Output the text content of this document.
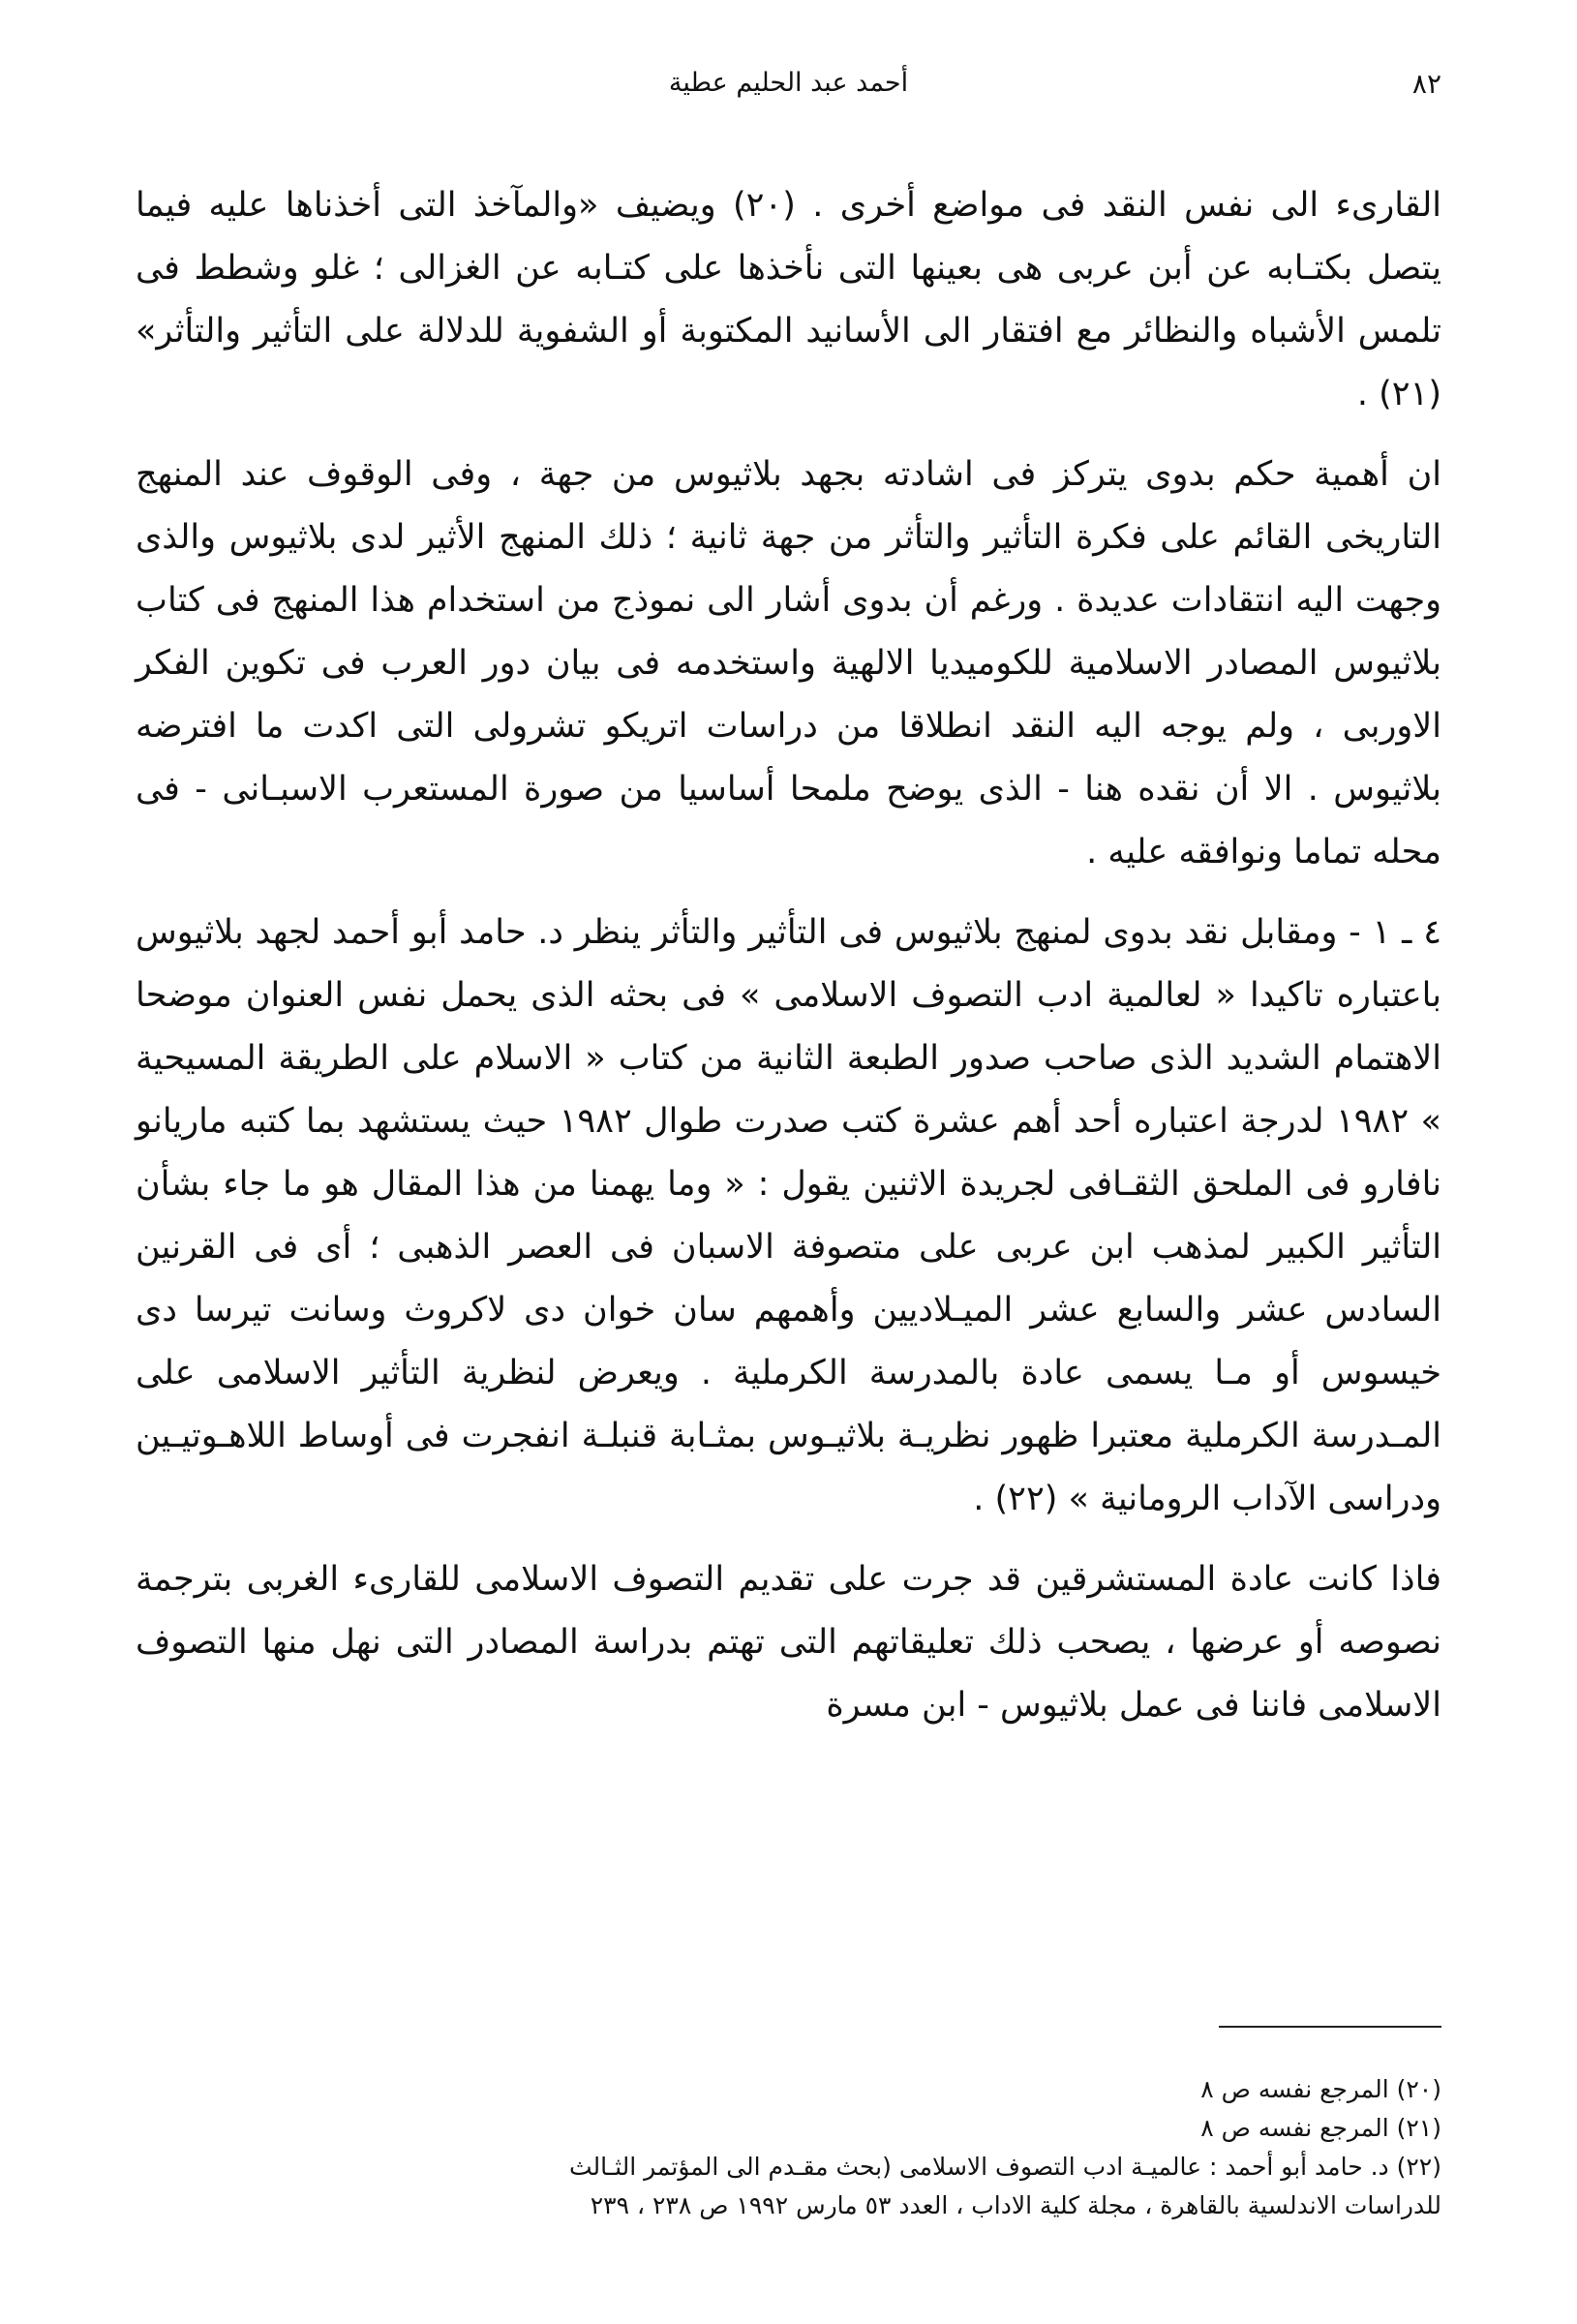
٨٢
أحمد عبد الحليم عطية

القارىء الى نفس النقد فى مواضع أخرى . (٢٠) ويضيف «والمآخذ التى أخذناها عليه فيما يتصل بكتـابه عن أبن عربى هى بعينها التى نأخذها على كتـابه عن الغزالى ؛ غلو وشطط فى تلمس الأشباه والنظائر مع افتقار الى الأسانيد المكتوبة أو الشفوية للدلالة على التأثير والتأثر» (٢١) .

ان أهمية حكم بدوى يتركز فى اشادته بجهد بلاثيوس من جهة ، وفى الوقوف عند المنهج التاريخى القائم على فكرة التأثير والتأثر من جهة ثانية ؛ ذلك المنهج الأثير لدى بلاثيوس والذى وجهت اليه انتقادات عديدة . ورغم أن بدوى أشار الى نموذج من استخدام هذا المنهج فى كتاب بلاثيوس المصادر الاسلامية للكوميديا الالهية واستخدمه فى بيان دور العرب فى تكوين الفكر الاوربى ، ولم يوجه اليه النقد انطلاقا من دراسات اتريكو تشرولى التى اكدت ما افترضه بلاثيوس . الا أن نقده هنا - الذى يوضح ملمحا أساسيا من صورة المستعرب الاسبـانى - فى محله تماما ونوافقه عليه .

٤ ـ ١ - ومقابل نقد بدوى لمنهج بلاثيوس فى التأثير والتأثر ينظر د. حامد أبو أحمد لجهد بلاثيوس باعتباره تاكيدا « لعالمية ادب التصوف الاسلامى » فى بحثه الذى يحمل نفس العنوان موضحا الاهتمام الشديد الذى صاحب صدور الطبعة الثانية من كتاب « الاسلام على الطريقة المسيحية » ١٩٨٢ لدرجة اعتباره أحد أهم عشرة كتب صدرت طوال ١٩٨٢ حيث يستشهد بما كتبه ماريانو نافارو فى الملحق الثقـافى لجريدة الاثنين يقول : « وما يهمنا من هذا المقال هو ما جاء بشأن التأثير الكبير لمذهب ابن عربى على متصوفة الاسبان فى العصر الذهبى ؛ أى فى القرنين السادس عشر والسابع عشر الميـلاديين وأهمهم سان خوان دى لاكروث وسانت تيرسا دى خيسوس أو مـا يسمى عادة بالمدرسة الكرملية . ويعرض لنظرية التأثير الاسلامى على المـدرسة الكرملية معتبرا ظهور نظريـة بلاثيـوس بمثـابة قنبلـة انفجرت فى أوساط اللاهـوتيـين ودراسى الآداب الرومانية » (٢٢) .

فاذا كانت عادة المستشرقين قد جرت على تقديم التصوف الاسلامى للقارىء الغربى بترجمة نصوصه أو عرضها ، يصحب ذلك تعليقاتهم التى تهتم بدراسة المصادر التى نهل منها التصوف الاسلامى فاننا فى عمل بلاثيوس - ابن مسرة

(٢٠) المرجع نفسه ص ٨

(٢١) المرجع نفسه ص ٨

(٢٢) د. حامد أبو أحمد : عالميـة ادب التصوف الاسلامى (بحث مقـدم الى المؤتمر الثـالث

للدراسات الاندلسية بالقاهرة ، مجلة كلية الاداب ، العدد ٥٣ مارس ١٩٩٢ ص ٢٣٨ ، ٢٣٩
